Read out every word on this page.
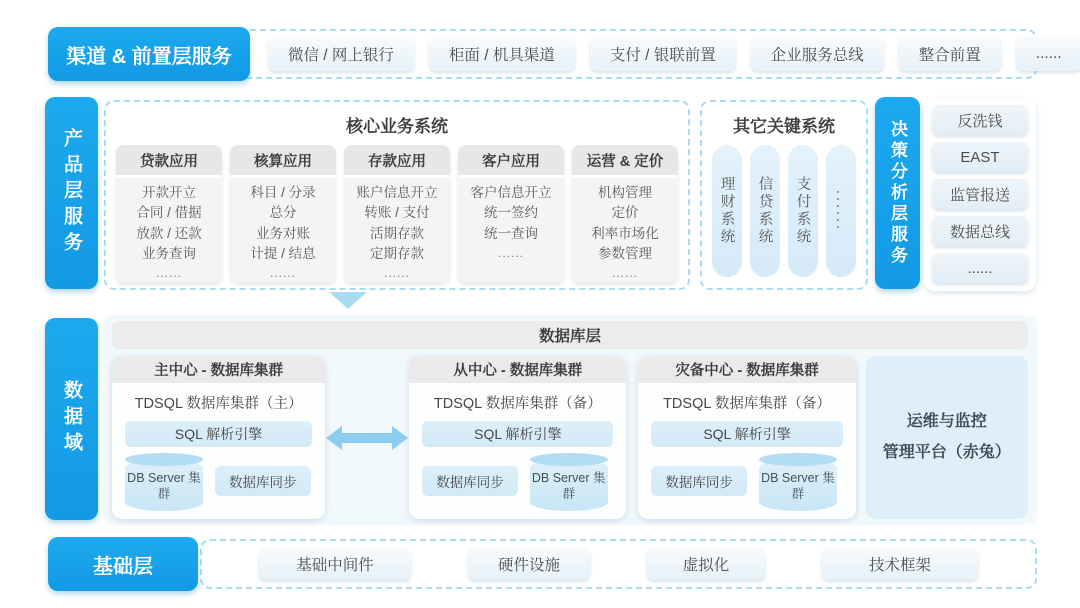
微信 / 网上银行	柜面 / 机具渠道	支付 / 银联前置	企业服务总线	整合前置	......
渠道 & 前置层服务
产品层服务
核心业务系统
贷款应用
开款开立
合同 / 借据
放款 / 还款
业务查询
......
核算应用
科目 / 分录
总分
业务对账
计提 / 结息
......
存款应用
账户信息开立
转账 / 支付
活期存款
定期存款
......
客户应用
客户信息开立
统一签约
统一查询
......
运营 & 定价
机构管理
定价
利率市场化
参数管理
......
其它关键系统
理财系统 信贷系统 支付系统 ...... 决策分析层服务	反洗钱
EAST
监管报送
数据总线
......
数据域
数据库层
主中心 - 数据库集群
TDSQL 数据库集群（主）
SQL 解析引擎
DB Server 集群
数据库同步
从中心 - 数据库集群
TDSQL 数据库集群（备）
SQL 解析引擎
数据库同步	DB Server 集群
灾备中心 - 数据库集群
TDSQL 数据库集群（备）
SQL 解析引擎
数据库同步	DB Server 集群
运维与监控
管理平台（赤兔）
基础中间件	硬件设施	虚拟化	技术框架
基础层
